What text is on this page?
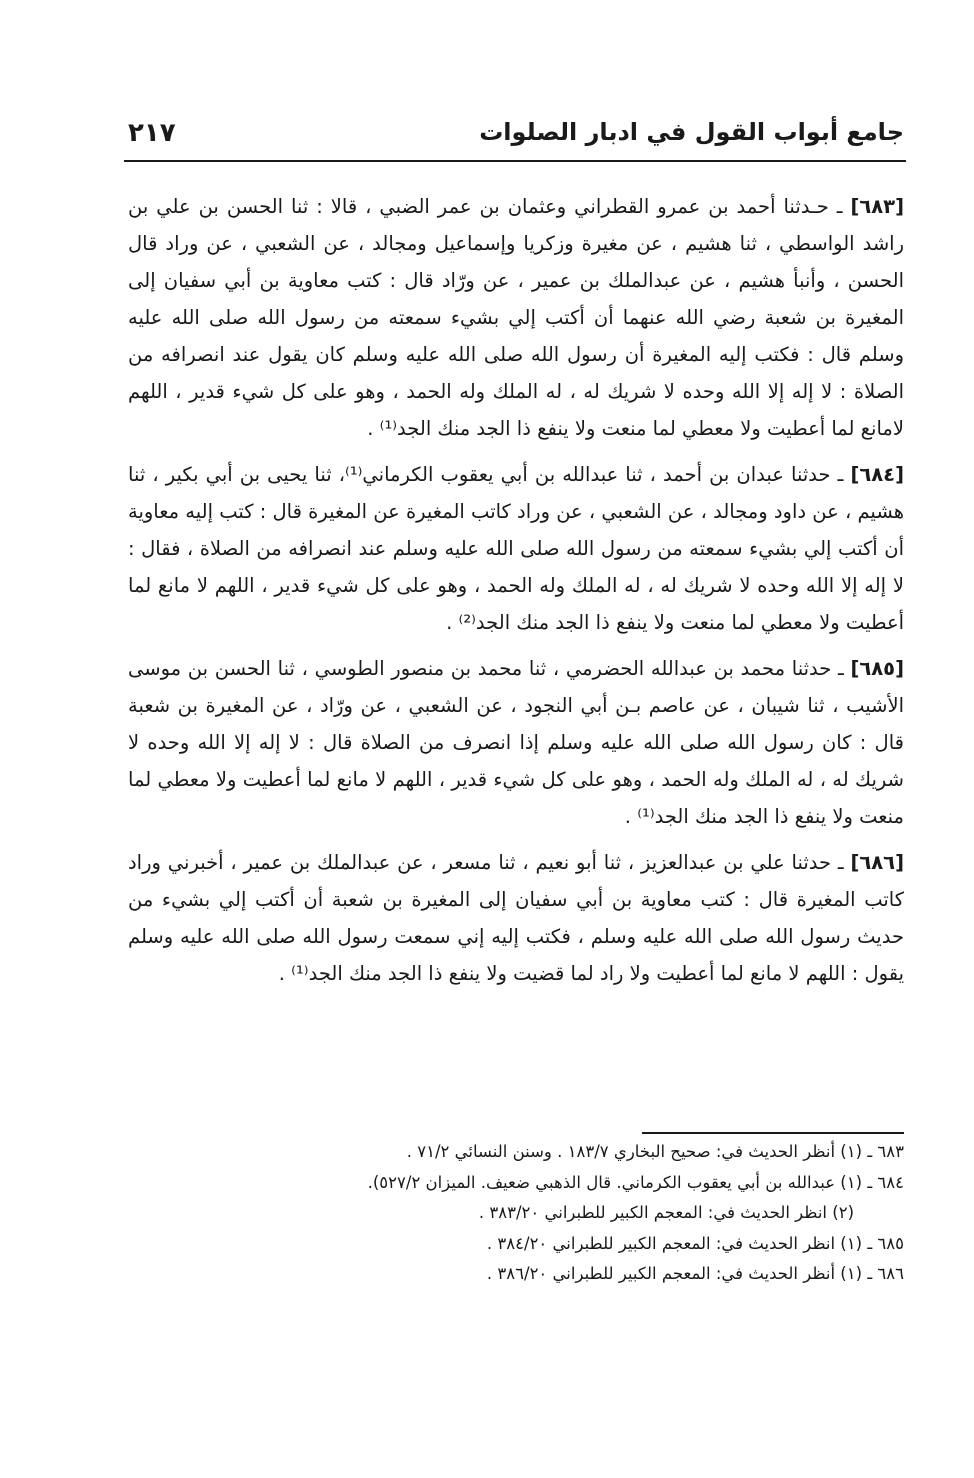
جامع أبواب القول في ادبار الصلوات
٢١٧

[٦٨٣] ـ حـدثنا أحمد بن عمرو القطراني وعثمان بن عمر الضبي ، قالا : ثنا الحسن بن علي بن راشد الواسطي ، ثنا هشيم ، عن مغيرة وزكريا وإسماعيل ومجالد ، عن الشعبي ، عن وراد قال الحسن ، وأنبأ هشيم ، عن عبدالملك بن عمير ، عن ورّاد قال : كتب معاوية بن أبي سفيان إلى المغيرة بن شعبة رضي الله عنهما أن أكتب إلي بشيء سمعته من رسول الله صلى الله عليه وسلم قال : فكتب إليه المغيرة أن رسول الله صلى الله عليه وسلم كان يقول عند انصرافه من الصلاة : لا إله إلا الله وحده لا شريك له ، له الملك وله الحمد ، وهو على كل شيء قدير ، اللهم لامانع لما أعطيت ولا معطي لما منعت ولا ينفع ذا الجد منك الجد⁽¹⁾ .

[٦٨٤] ـ حدثنا عبدان بن أحمد ، ثنا عبدالله بن أبي يعقوب الكرماني⁽¹⁾، ثنا يحيى بن أبي بكير ، ثنا هشيم ، عن داود ومجالد ، عن الشعبي ، عن وراد كاتب المغيرة عن المغيرة قال : كتب إليه معاوية أن أكتب إلي بشيء سمعته من رسول الله صلى الله عليه وسلم عند انصرافه من الصلاة ، فقال : لا إله إلا الله وحده لا شريك له ، له الملك وله الحمد ، وهو على كل شيء قدير ، اللهم لا مانع لما أعطيت ولا معطي لما منعت ولا ينفع ذا الجد منك الجد⁽²⁾ .

[٦٨٥] ـ حدثنا محمد بن عبدالله الحضرمي ، ثنا محمد بن منصور الطوسي ، ثنا الحسن بن موسى الأشيب ، ثنا شيبان ، عن عاصم بـن أبي النجود ، عن الشعبي ، عن ورّاد ، عن المغيرة بن شعبة قال : كان رسول الله صلى الله عليه وسلم إذا انصرف من الصلاة قال : لا إله إلا الله وحده لا شريك له ، له الملك وله الحمد ، وهو على كل شيء قدير ، اللهم لا مانع لما أعطيت ولا معطي لما منعت ولا ينفع ذا الجد منك الجد⁽¹⁾ .

[٦٨٦] ـ حدثنا علي بن عبدالعزيز ، ثنا أبو نعيم ، ثنا مسعر ، عن عبدالملك بن عمير ، أخبرني وراد كاتب المغيرة قال : كتب معاوية بن أبي سفيان إلى المغيرة بن شعبة أن أكتب إلي بشيء من حديث رسول الله صلى الله عليه وسلم ، فكتب إليه إني سمعت رسول الله صلى الله عليه وسلم يقول : اللهم لا مانع لما أعطيت ولا راد لما قضيت ولا ينفع ذا الجد منك الجد⁽¹⁾ .

٦٨٣ ـ (١) أنظر الحديث في: صحيح البخاري ١٨٣/٧ . وسنن النسائي ٧١/٢ .

٦٨٤ ـ (١) عبدالله بن أبي يعقوب الكرماني. قال الذهبي ضعيف. الميزان ٥٢٧/٢).

(٢) انظر الحديث في: المعجم الكبير للطبراني ٣٨٣/٢٠ .

٦٨٥ ـ (١) انظر الحديث في: المعجم الكبير للطبراني ٣٨٤/٢٠ .

٦٨٦ ـ (١) أنظر الحديث في: المعجم الكبير للطبراني ٣٨٦/٢٠ .
